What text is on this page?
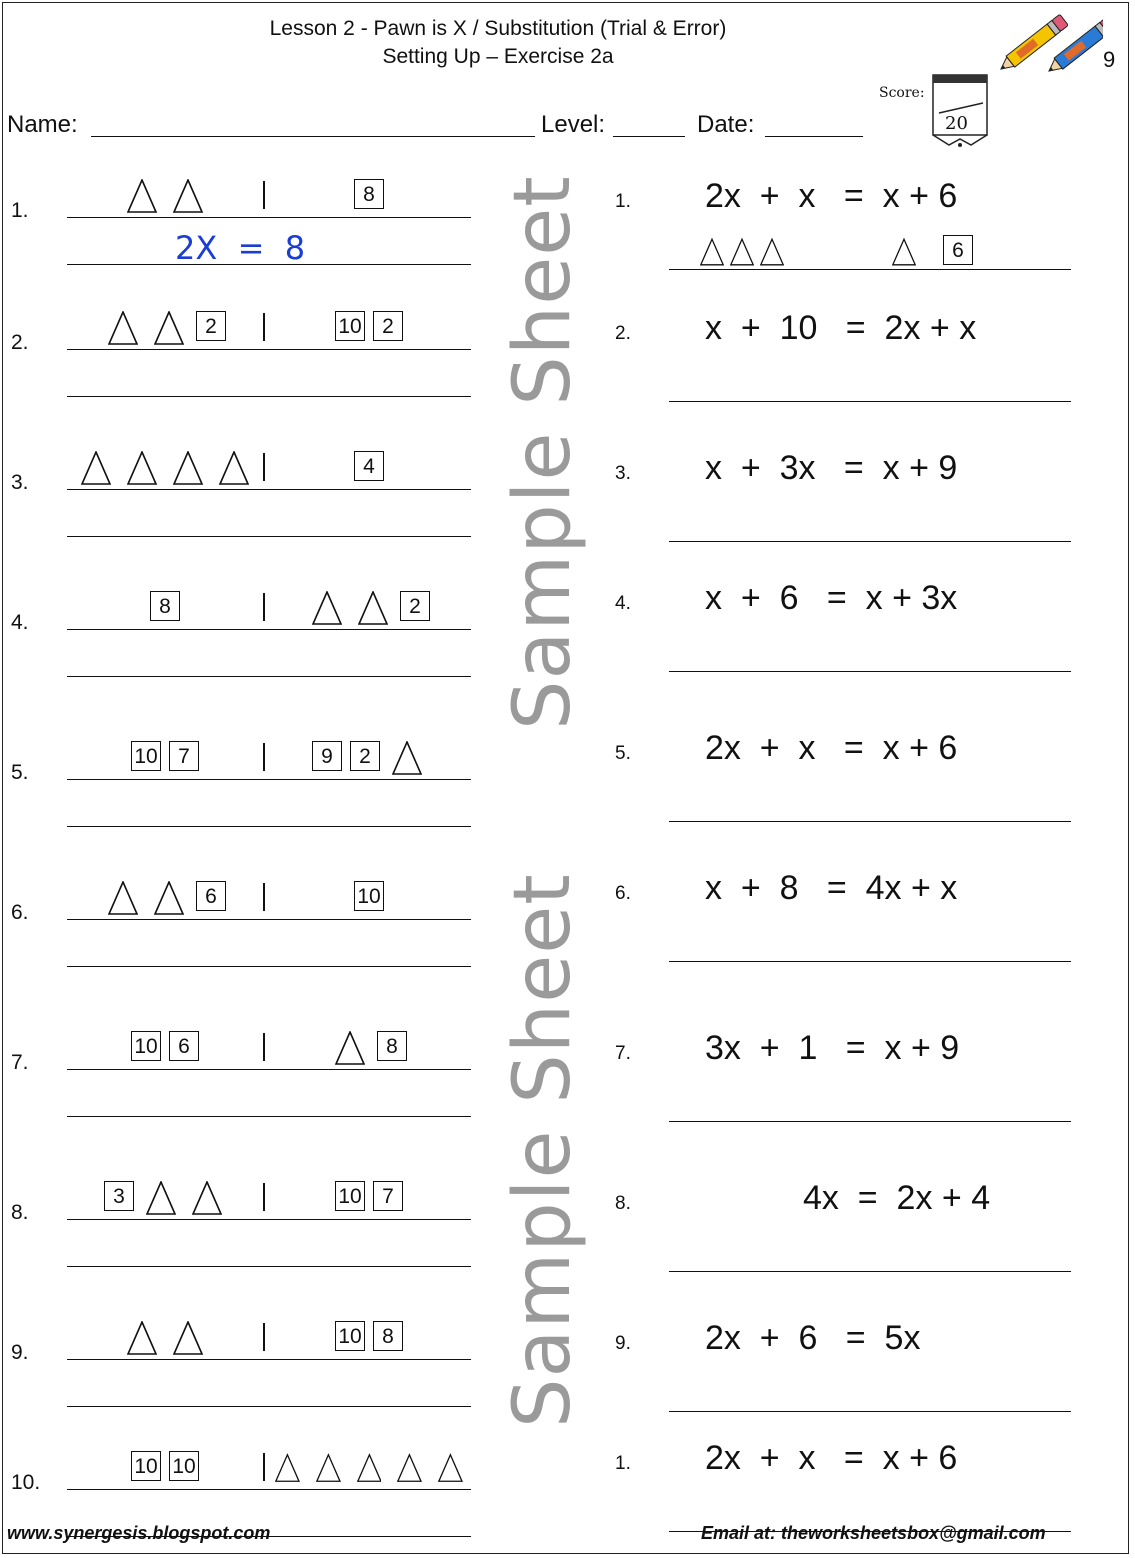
Lesson 2 - Pawn is X / Substitution (Trial & Error)
Setting Up – Exercise 2a	9
Score:
20
Name:	Level:	Date:
Sample Sheet
Sample Sheet
1.
8
2X  =  8
2.
2	10 2
3.
4
4.
8	2
5.
10 7	9	2
6.
6	10
7.
10 6	8
8.
3	10 7
9.
10 8
10.
10 10
1. 2x  +  x   =  x + 6
6
2. x  +  10   =  2x + x
3. x  +  3x   =  x + 9
4. x  +  6   =  x + 3x
5. 2x  +  x   =  x + 6
6. x  +  8   =  4x + x
7. 3x  +  1   =  x + 9
8.	4x  =  2x + 4
9. 2x  +  6   =  5x
1. 2x  +  x   =  x + 6
www.synergesis.blogspot.com	Email at: theworksheetsbox@gmail.com
